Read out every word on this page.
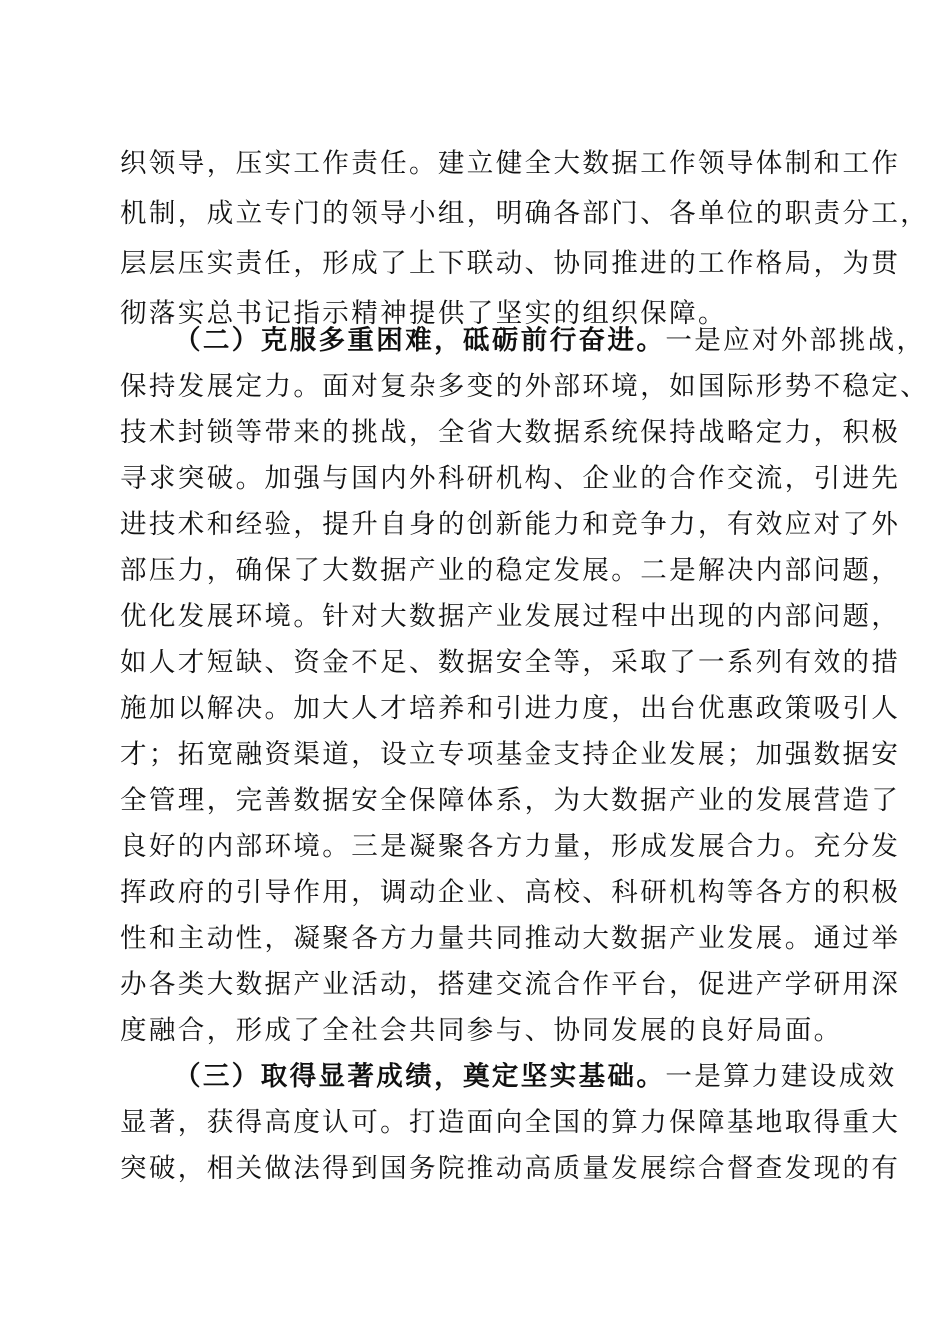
织领导，压实工作责任。建立健全大数据工作领导体制和工作

机制，成立专门的领导小组，明确各部门、各单位的职责分工，

层层压实责任，形成了上下联动、协同推进的工作格局，为贯

彻落实总书记指示精神提供了坚实的组织保障。

（二）克服多重困难，砥砺前行奋进。一是应对外部挑战，

保持发展定力。面对复杂多变的外部环境，如国际形势不稳定、

技术封锁等带来的挑战，全省大数据系统保持战略定力，积极

寻求突破。加强与国内外科研机构、企业的合作交流，引进先

进技术和经验，提升自身的创新能力和竞争力，有效应对了外

部压力，确保了大数据产业的稳定发展。二是解决内部问题，

优化发展环境。针对大数据产业发展过程中出现的内部问题，

如人才短缺、资金不足、数据安全等，采取了一系列有效的措

施加以解决。加大人才培养和引进力度，出台优惠政策吸引人

才；拓宽融资渠道，设立专项基金支持企业发展；加强数据安

全管理，完善数据安全保障体系，为大数据产业的发展营造了

良好的内部环境。三是凝聚各方力量，形成发展合力。充分发

挥政府的引导作用，调动企业、高校、科研机构等各方的积极

性和主动性，凝聚各方力量共同推动大数据产业发展。通过举

办各类大数据产业活动，搭建交流合作平台，促进产学研用深

度融合，形成了全社会共同参与、协同发展的良好局面。

（三）取得显著成绩，奠定坚实基础。一是算力建设成效

显著，获得高度认可。打造面向全国的算力保障基地取得重大

突破，相关做法得到国务院推动高质量发展综合督查发现的有
